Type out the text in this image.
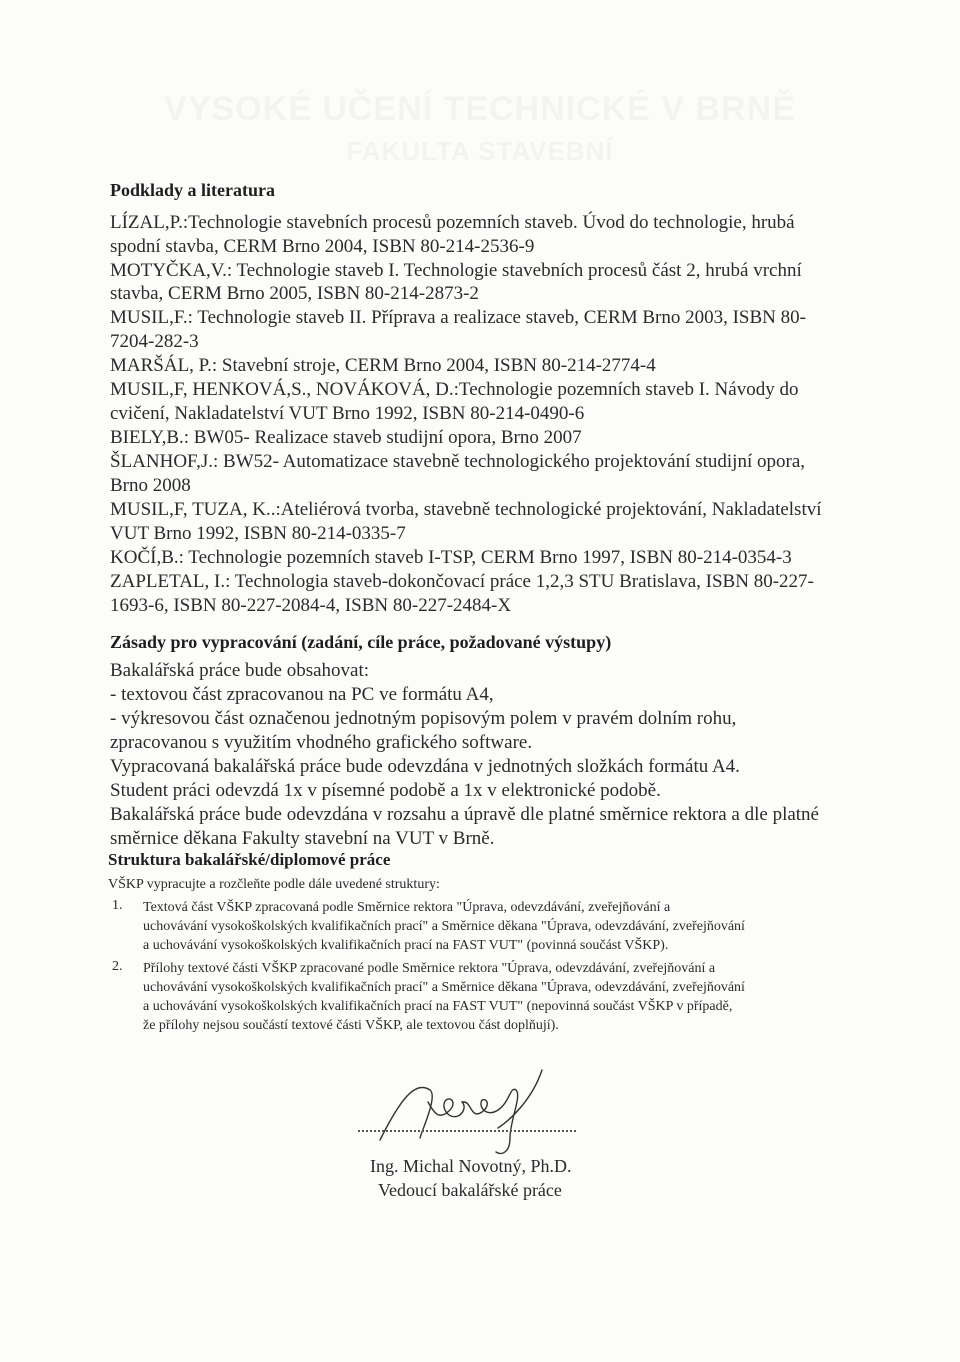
Podklady a literatura
LÍZAL,P.:Technologie stavebních procesů pozemních staveb. Úvod do technologie, hrubá
spodní stavba, CERM Brno 2004, ISBN 80-214-2536-9
MOTYČKA,V.: Technologie staveb I. Technologie stavebních procesů část 2, hrubá vrchní
stavba, CERM Brno 2005, ISBN 80-214-2873-2
MUSIL,F.: Technologie staveb II. Příprava a realizace staveb, CERM Brno 2003, ISBN 80-
7204-282-3
MARŠÁL, P.: Stavební stroje, CERM Brno 2004, ISBN 80-214-2774-4
MUSIL,F, HENKOVÁ,S., NOVÁKOVÁ, D.:Technologie pozemních staveb I. Návody do
cvičení, Nakladatelství VUT Brno 1992, ISBN 80-214-0490-6
BIELY,B.: BW05- Realizace staveb studijní opora, Brno 2007
ŠLANHOF,J.: BW52- Automatizace stavebně technologického projektování studijní opora,
Brno 2008
MUSIL,F, TUZA, K..:Ateliérová tvorba, stavebně technologické projektování, Nakladatelství
VUT Brno 1992, ISBN 80-214-0335-7
KOČÍ,B.: Technologie pozemních staveb I-TSP, CERM Brno 1997, ISBN 80-214-0354-3
ZAPLETAL, I.: Technologia staveb-dokončovací práce 1,2,3 STU Bratislava, ISBN 80-227-
1693-6, ISBN 80-227-2084-4, ISBN 80-227-2484-X
Zásady pro vypracování (zadání, cíle práce, požadované výstupy)
Bakalářská práce bude obsahovat:
- textovou část zpracovanou na PC ve formátu A4,
- výkresovou část označenou jednotným popisovým polem v pravém dolním rohu,
zpracovanou s využitím vhodného grafického software.
Vypracovaná bakalářská práce bude odevzdána v jednotných složkách formátu A4.
Student práci odevzdá 1x v písemné podobě a 1x v elektronické podobě.
Bakalářská práce bude odevzdána v rozsahu a úpravě dle platné směrnice rektora a dle platné
směrnice děkana Fakulty stavební na VUT v Brně.
Struktura bakalářské/diplomové práce
VŠKP vypracujte a rozčleňte podle dále uvedené struktury:
1. Textová část VŠKP zpracovaná podle Směrnice rektora "Úprava, odevzdávání, zveřejňování a
uchovávání vysokoškolských kvalifikačních prací" a Směrnice děkana "Úprava, odevzdávání, zveřejňování
a uchovávání vysokoškolských kvalifikačních prací na FAST VUT" (povinná součást VŠKP).
2. Přílohy textové části VŠKP zpracované podle Směrnice rektora "Úprava, odevzdávání, zveřejňování a
uchovávání vysokoškolských kvalifikačních prací" a Směrnice děkana "Úprava, odevzdávání, zveřejňování
a uchovávání vysokoškolských kvalifikačních prací na FAST VUT" (nepovinná součást VŠKP v případě,
že přílohy nejsou součástí textové části VŠKP, ale textovou část doplňují).
Ing. Michal Novotný, Ph.D.
Vedoucí bakalářské práce
